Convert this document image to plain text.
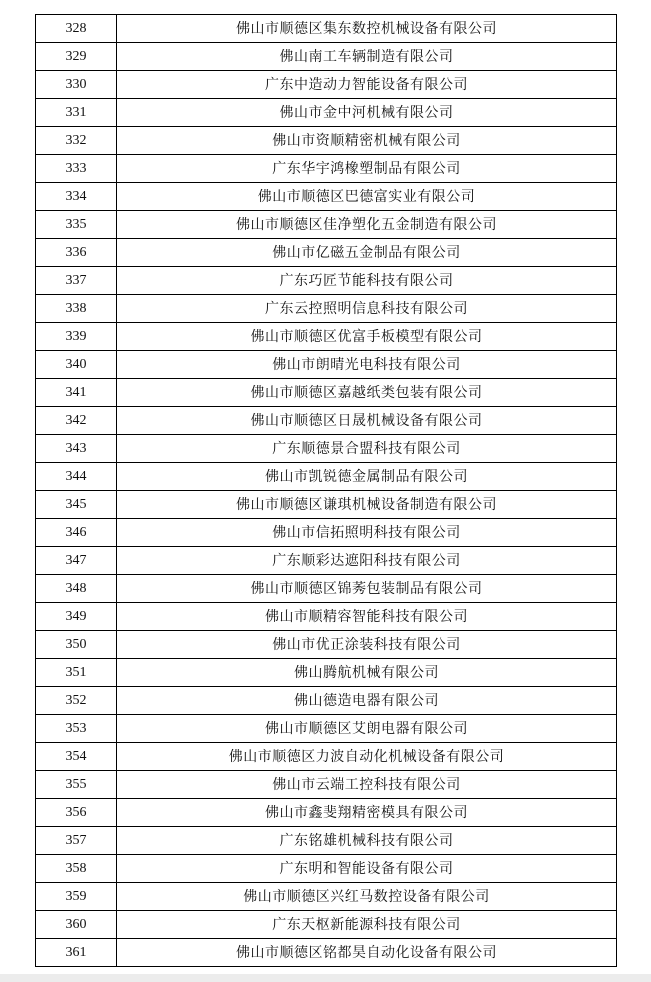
328	佛山市顺德区集东数控机械设备有限公司
329	佛山南工车辆制造有限公司
330	广东中造动力智能设备有限公司
331	佛山市金中河机械有限公司
332	佛山市资顺精密机械有限公司
333	广东华宇鸿橡塑制品有限公司
334	佛山市顺德区巴德富实业有限公司
335	佛山市顺德区佳净塑化五金制造有限公司
336	佛山市亿磁五金制品有限公司
337	广东巧匠节能科技有限公司
338	广东云控照明信息科技有限公司
339	佛山市顺德区优富手板模型有限公司
340	佛山市朗晴光电科技有限公司
341	佛山市顺德区嘉越纸类包装有限公司
342	佛山市顺德区日晟机械设备有限公司
343	广东顺德景合盟科技有限公司
344	佛山市凯锐德金属制品有限公司
345	佛山市顺德区谦琪机械设备制造有限公司
346	佛山市信拓照明科技有限公司
347	广东顺彩达遮阳科技有限公司
348	佛山市顺德区锦莠包装制品有限公司
349	佛山市顺精容智能科技有限公司
350	佛山市优正涂装科技有限公司
351	佛山腾航机械有限公司
352	佛山德造电器有限公司
353	佛山市顺德区艾朗电器有限公司
354	佛山市顺德区力波自动化机械设备有限公司
355	佛山市云端工控科技有限公司
356	佛山市鑫斐翔精密模具有限公司
357	广东铭雄机械科技有限公司
358	广东明和智能设备有限公司
359	佛山市顺德区兴红马数控设备有限公司
360	广东天枢新能源科技有限公司
361	佛山市顺德区铭都昊自动化设备有限公司
